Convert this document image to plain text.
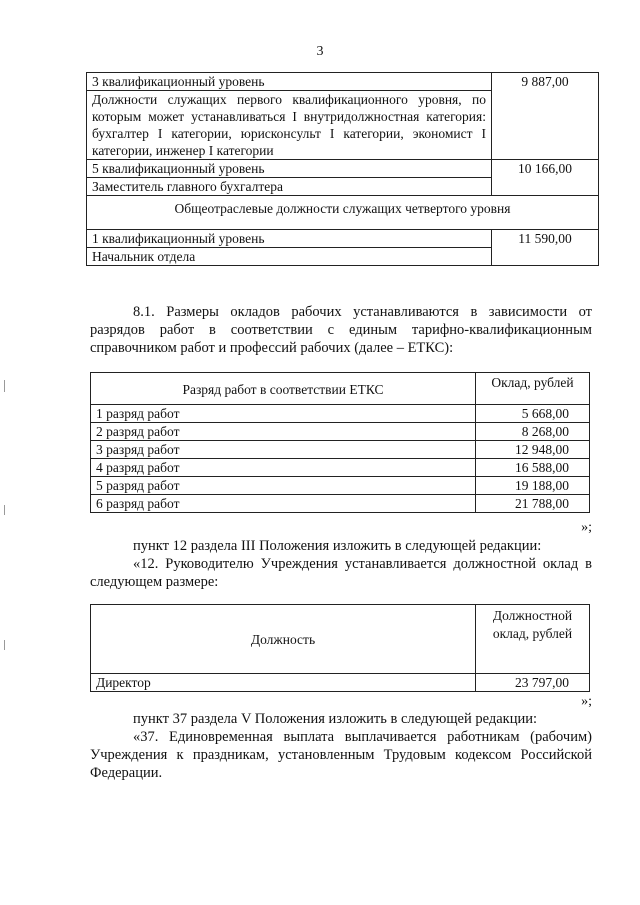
3
3 квалификационный уровень	9 887,00
Должности служащих первого квалификационного уровня, по которым может устанавливаться I внутридолжностная категория: бухгалтер I категории, юрисконсульт I категории, экономист I категории, инженер I категории	
5 квалификационный уровень	10 166,00
Заместитель главного бухгалтера	
Общеотраслевые должности служащих четвертого уровня	
1 квалификационный уровень	11 590,00
Начальник отдела	
8.1. Размеры окладов рабочих устанавливаются в зависимости от разрядов работ в соответствии с единым тарифно-квалификационным справочником работ и профессий рабочих (далее – ЕТКС):
Разряд работ в соответствии ЕТКС	Оклад, рублей
1 разряд работ	5 668,00
2 разряд работ	8 268,00
3 разряд работ	12 948,00
4 разряд работ	16 588,00
5 разряд работ	19 188,00
6 разряд работ	21 788,00
»;
пункт 12 раздела III Положения изложить в следующей редакции:
«12. Руководителю Учреждения устанавливается должностной оклад в следующем размере:
Должность	Должностной оклад, рублей
Директор	23 797,00
»;
пункт 37 раздела V Положения изложить в следующей редакции:
«37. Единовременная выплата выплачивается работникам (рабочим) Учреждения к праздникам, установленным Трудовым кодексом Российской Федерации.
